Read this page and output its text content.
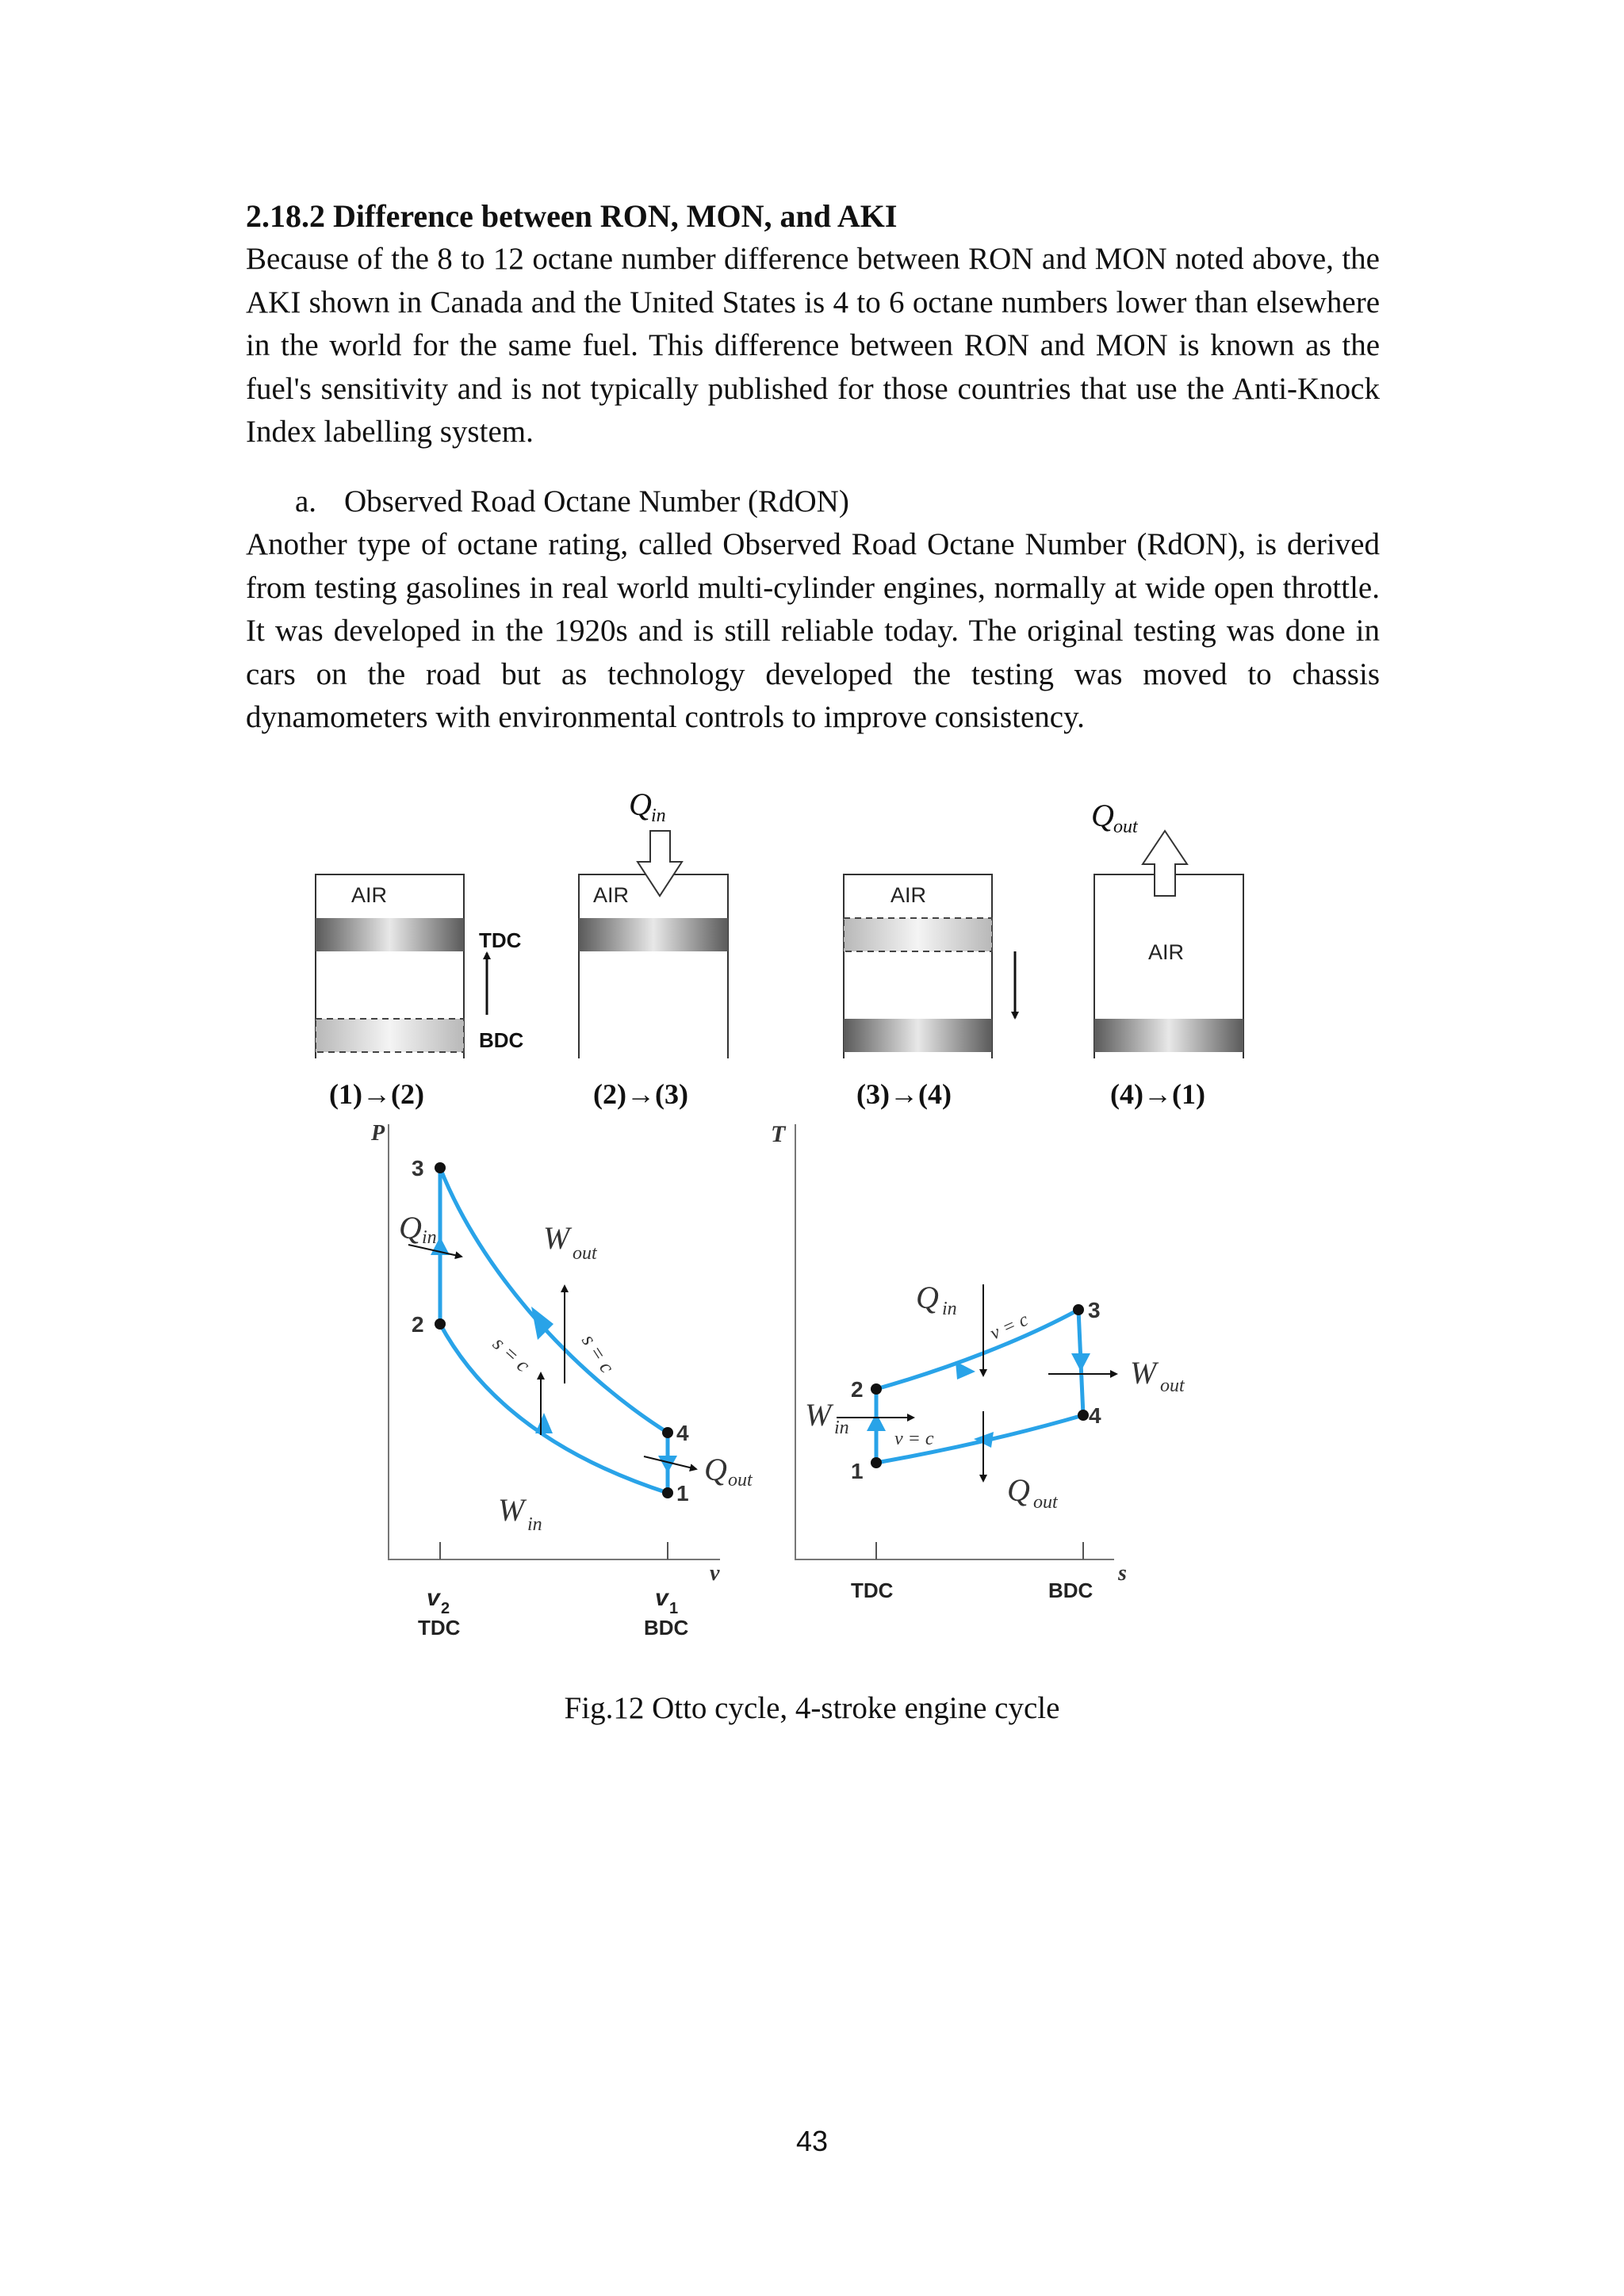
2.18.2 Difference between RON, MON, and AKI

Because of the 8 to 12 octane number difference between RON and MON noted above, the AKI shown in Canada and the United States is 4 to 6 octane numbers lower than elsewhere in the world for the same fuel. This difference between RON and MON is known as the fuel's sensitivity and is not typically published for those countries that use the Anti-Knock Index labelling system.

a. Observed Road Octane Number (RdON)

Another type of octane rating, called Observed Road Octane Number (RdON), is derived from testing gasolines in real world multi-cylinder engines, normally at wide open throttle. It was developed in the 1920s and is still reliable today. The original testing was done in cars on the road but as technology developed the testing was moved to chassis dynamometers with environmental controls to improve consistency.

AIR
TDC
BDC
(1)→(2)
AIR
Q in
(2)→(3)
AIR
(3)→(4)
AIR
Q out
(4)→(1)
P
v
3
2
4
1
Q in	W out
W in
Q out
s = c
s = c
v 2
TDC
v 1
BDC
T
s
3
2
4
1
Q in
v = c
W out
W in
v = c
Q out
TDC	BDC
Fig.12 Otto cycle, 4-stroke engine cycle
43
